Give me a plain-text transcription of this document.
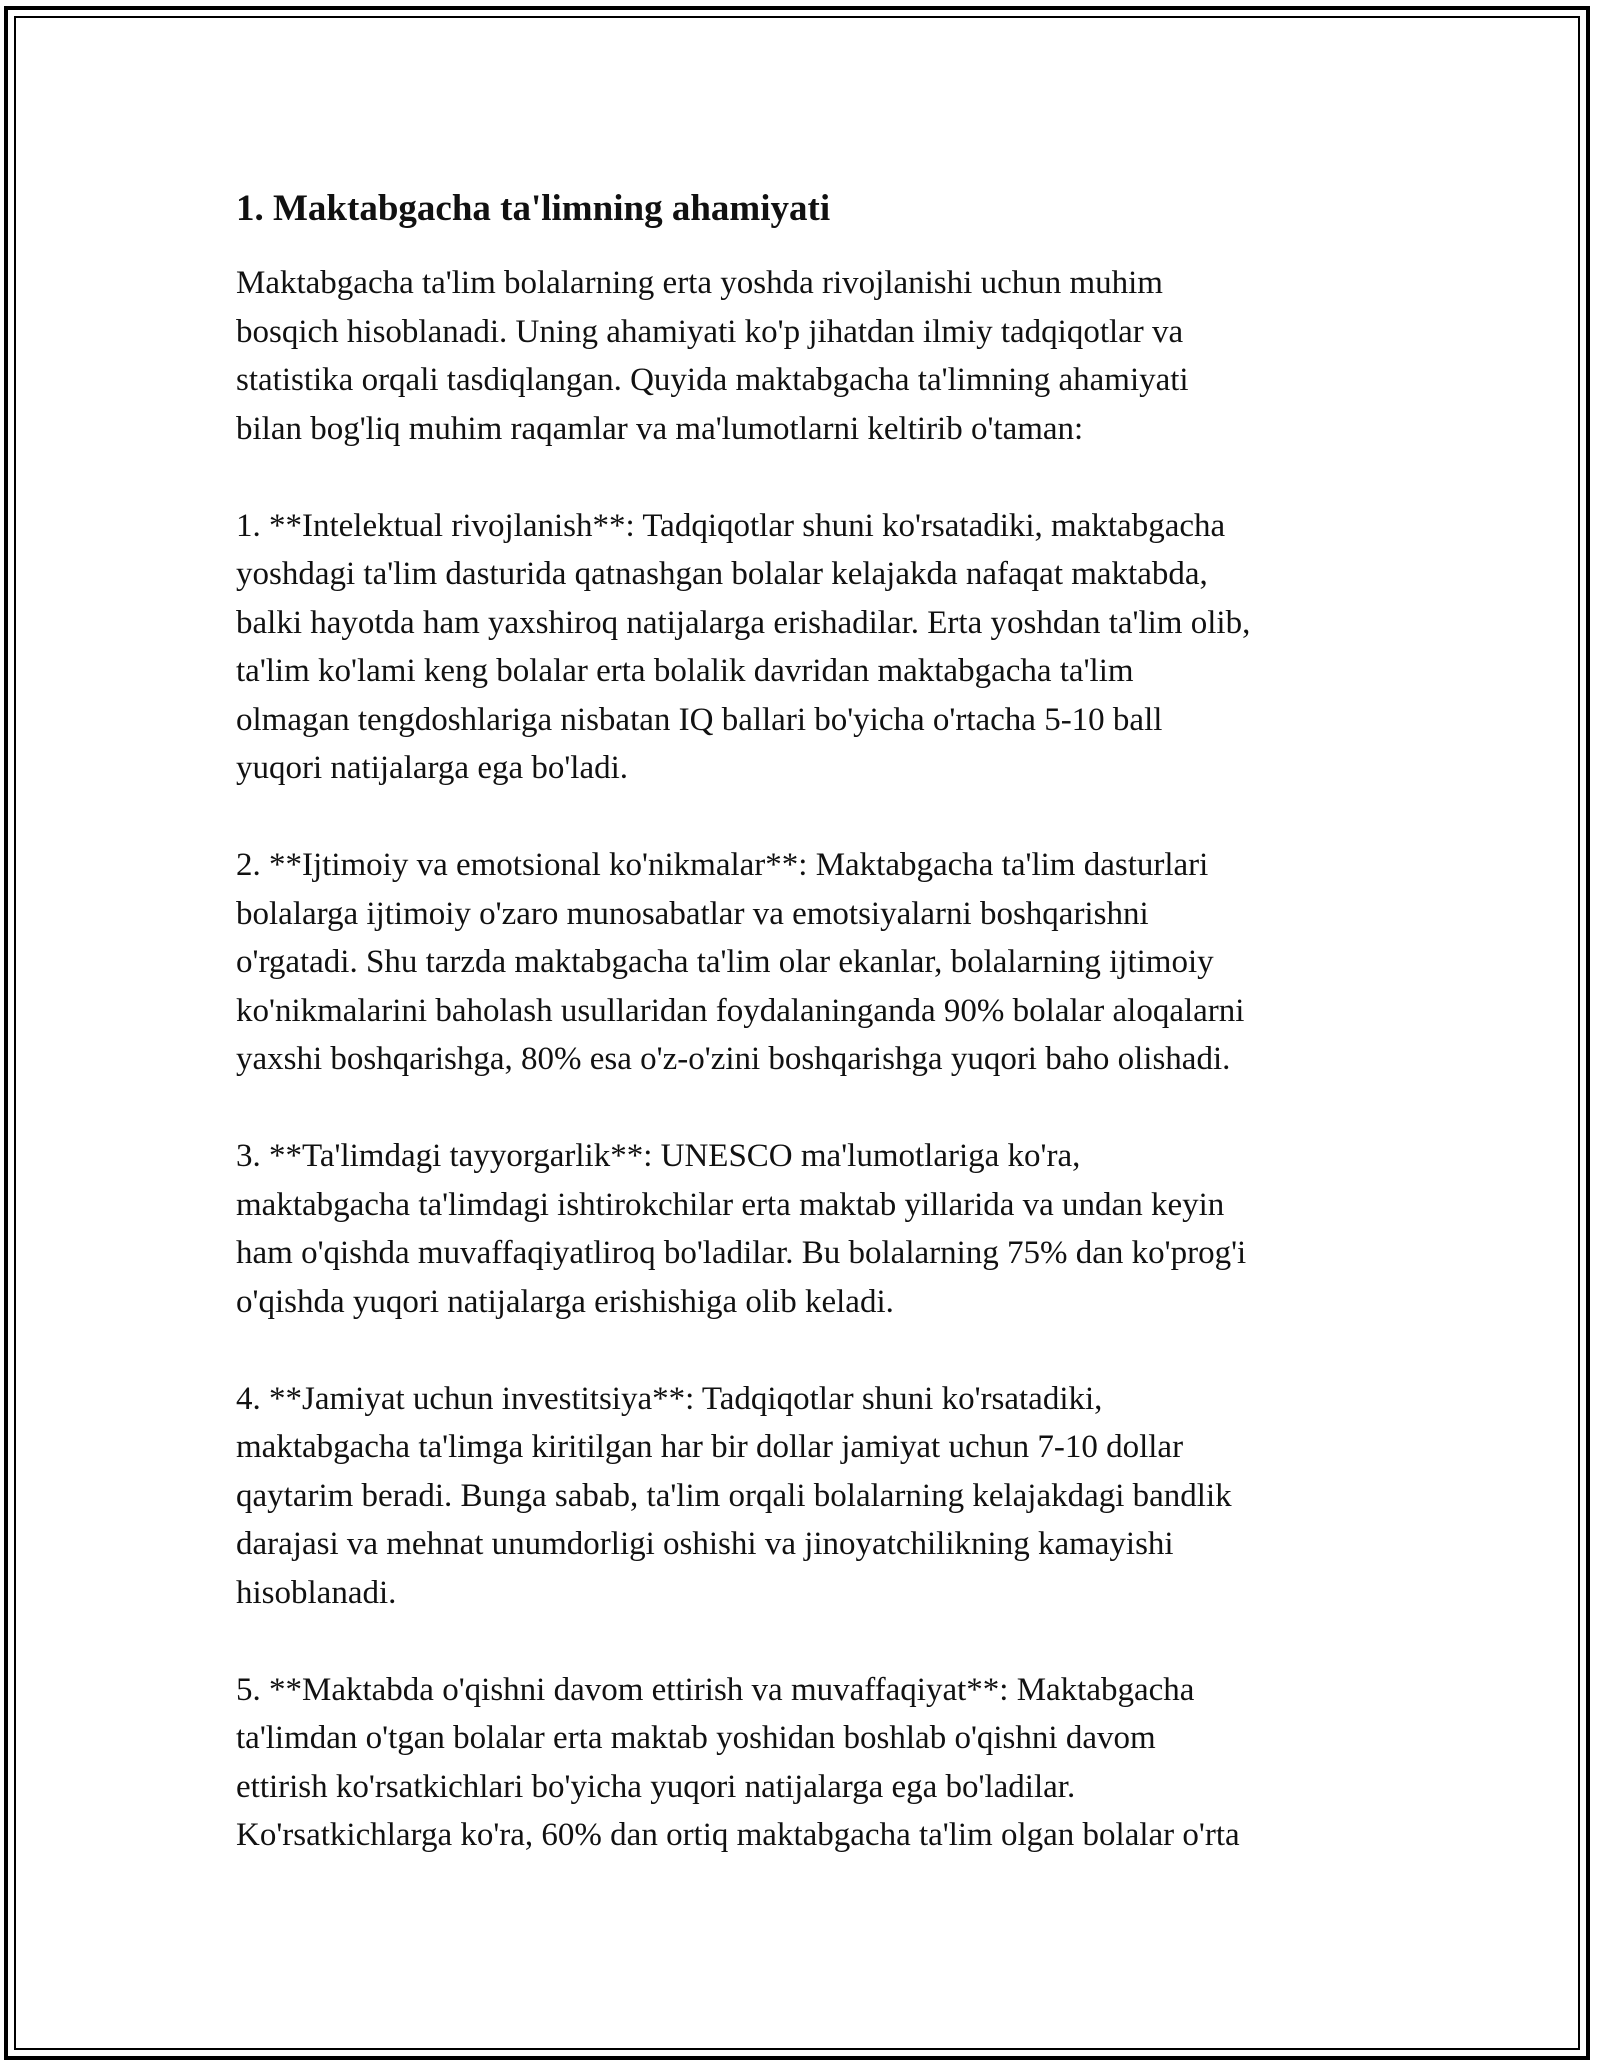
1. Maktabgacha ta'limning ahamiyati

Maktabgacha ta'lim bolalarning erta yoshda rivojlanishi uchun muhim
bosqich hisoblanadi. Uning ahamiyati ko'p jihatdan ilmiy tadqiqotlar va
statistika orqali tasdiqlangan. Quyida maktabgacha ta'limning ahamiyati
bilan bog'liq muhim raqamlar va ma'lumotlarni keltirib o'taman:

1. **Intelektual rivojlanish**: Tadqiqotlar shuni ko'rsatadiki, maktabgacha
yoshdagi ta'lim dasturida qatnashgan bolalar kelajakda nafaqat maktabda,
balki hayotda ham yaxshiroq natijalarga erishadilar. Erta yoshdan ta'lim olib,
ta'lim ko'lami keng bolalar erta bolalik davridan maktabgacha ta'lim
olmagan tengdoshlariga nisbatan IQ ballari bo'yicha o'rtacha 5-10 ball
yuqori natijalarga ega bo'ladi.

2. **Ijtimoiy va emotsional ko'nikmalar**: Maktabgacha ta'lim dasturlari
bolalarga ijtimoiy o'zaro munosabatlar va emotsiyalarni boshqarishni
o'rgatadi. Shu tarzda maktabgacha ta'lim olar ekanlar, bolalarning ijtimoiy
ko'nikmalarini baholash usullaridan foydalaninganda 90% bolalar aloqalarni
yaxshi boshqarishga, 80% esa o'z-o'zini boshqarishga yuqori baho olishadi.

3. **Ta'limdagi tayyorgarlik**: UNESCO ma'lumotlariga ko'ra,
maktabgacha ta'limdagi ishtirokchilar erta maktab yillarida va undan keyin
ham o'qishda muvaffaqiyatliroq bo'ladilar. Bu bolalarning 75% dan ko'prog'i
o'qishda yuqori natijalarga erishishiga olib keladi.

4. **Jamiyat uchun investitsiya**: Tadqiqotlar shuni ko'rsatadiki,
maktabgacha ta'limga kiritilgan har bir dollar jamiyat uchun 7-10 dollar
qaytarim beradi. Bunga sabab, ta'lim orqali bolalarning kelajakdagi bandlik
darajasi va mehnat unumdorligi oshishi va jinoyatchilikning kamayishi
hisoblanadi.

5. **Maktabda o'qishni davom ettirish va muvaffaqiyat**: Maktabgacha
ta'limdan o'tgan bolalar erta maktab yoshidan boshlab o'qishni davom
ettirish ko'rsatkichlari bo'yicha yuqori natijalarga ega bo'ladilar.
Ko'rsatkichlarga ko'ra, 60% dan ortiq maktabgacha ta'lim olgan bolalar o'rta
